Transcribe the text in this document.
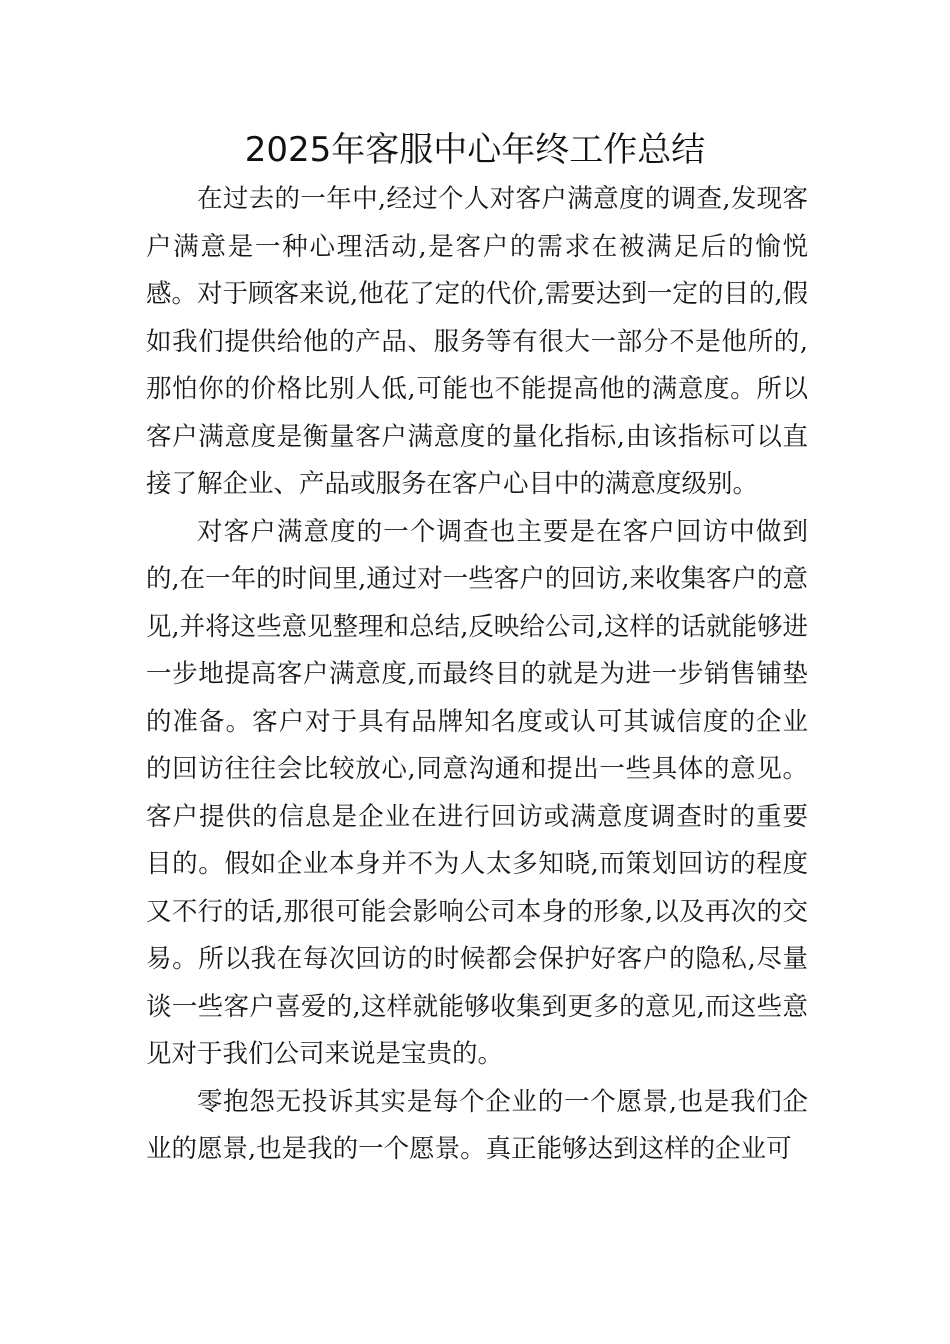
2025年客服中心年终工作总结

在过去的一年中,经过个人对客户满意度的调查,发现客户满意是一种心理活动,是客户的需求在被满足后的愉悦感。对于顾客来说,他花了定的代价,需要达到一定的目的,假如我们提供给他的产品、服务等有很大一部分不是他所的,那怕你的价格比别人低,可能也不能提高他的满意度。所以客户满意度是衡量客户满意度的量化指标,由该指标可以直接了解企业、产品或服务在客户心目中的满意度级别。

对客户满意度的一个调查也主要是在客户回访中做到的,在一年的时间里,通过对一些客户的回访,来收集客户的意见,并将这些意见整理和总结,反映给公司,这样的话就能够进一步地提高客户满意度,而最终目的就是为进一步销售铺垫的准备。客户对于具有品牌知名度或认可其诚信度的企业的回访往往会比较放心,同意沟通和提出一些具体的意见。客户提供的信息是企业在进行回访或满意度调查时的重要目的。假如企业本身并不为人太多知晓,而策划回访的程度又不行的话,那很可能会影响公司本身的形象,以及再次的交易。所以我在每次回访的时候都会保护好客户的隐私,尽量谈一些客户喜爱的,这样就能够收集到更多的意见,而这些意见对于我们公司来说是宝贵的。

零抱怨无投诉其实是每个企业的一个愿景,也是我们企业的愿景,也是我的一个愿景。真正能够达到这样的企业可
